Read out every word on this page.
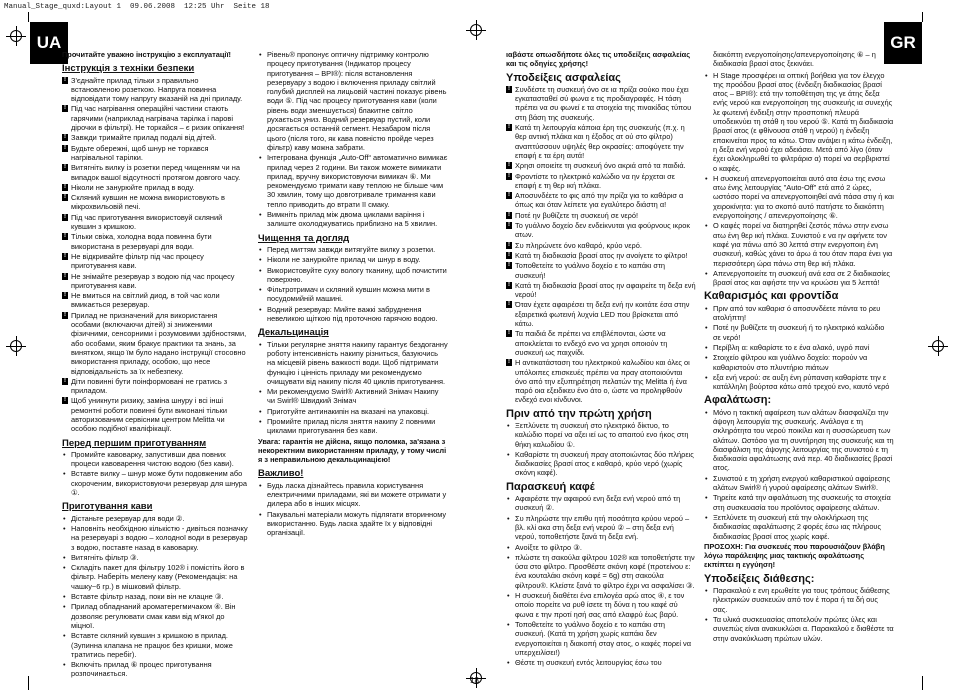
Manual_Stage_quxd:Layout 1  09.06.2008  12:25 Uhr  Seite 18
UA	GR

Прочитайте уважно інструкцію з експлуатації!

Інструкція з техніки безпеки
! З'єднайте прилад тільки з правильно встановленою розеткою. Напруга повинна відповідати тому напругу вказаній на дні приладу.
! Під час нагрівання операційні частини стають гарячими (наприклад нагрівача тарілка і парові дірочки в фільтрі). Не торкайся – є ризик опікання!
! Завжди тримайте прилад подалі від дітей.
! Будьте обережні, щоб шнур не торкався нагрівальної тарілки.
! Витягніть вилку із розетки перед чищенням чи на випадок вашої відсутності протягом довгого часу.
! Ніколи не занурюйте прилад в воду.
! Скляний кувшин не можна використовують в мікрохвильовій печі.
! Під час приготування використовуй скляний кувшин з кришкою.
! Тільки свіжа, холодна вода повинна бути використана в резервуарі для води.
! Не відкривайте фільтр під час процесу приготування кави.
! Не знімайте резервуар з водою під час процесу приготування кави.
! Не вмиться на світлий диод, в той час коли вмикається резервуар.
! Прилад не призначений для використання особами (включаючи дітей) зі зниженими фізичними, сенсорними і розумовими здібностями, або особами, яким бракує практики та знань, за винятком, якщо їм було надано інструкції стосовно використання приладу, особою, що несе відповідальність за їх небезпеку.
! Діти повинні бути поінформовані не гратись з приладом.
! Щоб уникнути ризику, заміна шнуру і всі інші ремонтні роботи повинні бути виконані тільки авторизованим сервісним центром Melitta чи особою подібної кваліфікації.
Перед першим приготуванням
• Промийте кавоварку, запустивши два повних процеси кавоварення чистою водою (без кави).
• Вставте вилку – шнур може бути подовженим або скороченим, використовуючи резервуар для шнура ①.
Приготування кави
• Дістаньте резервуар для води ②.
• Наповніть необхідною кількістю - дивіться позначку на резервуарі з водою – холодної води в резервуар з водою, поставте назад в кавоварку.
• Витягніть фільтр ③.
• Складіть пакет для фільтру 102® і помістіть його в фільтр. Наберіть мелену каву (Рекомендація: на чашку~6 гр.) в мішковий фільтр.
• Вставте фільтр назад, поки він не клацне ③.
• Прилад обладнаний ароматерегмичаком ④. Він дозволяє регулювати смак кави від м'якої до міцної.
• Вставте скляний кувшин з кришкою в прилад. (Зупинна клапана не працює без кришки, може тратитись перебіг).
• Включіть прилад ⑥ процес приготування розпочинається.
• Рівень® пропонує оптичну підтримку контролю процесу приготування (Індикатор процесу приготування – BPI®): після встановлення резервуару з водою і включення приладу світлий голубий дисплей на лицьовій частині показує рівень води ⑤. Під час процесу приготування кави (коли рівень води зменшується) блакитне світло рухається униз. Водний резервуар пустий, коли досягається останній сегмент. Незабаром після цього (після того, як кава повністю пройде через фільтр) каву можна забрати.
• Інтегрована функція „Auto-Off“ автоматично вимикає прилад через 2 години. Ви також можете вимикати прилад, вручну використовуючи вимикач ⑥. Ми рекомендуємо тримати каву теплою не більше чим 30 хвилин, тому що довготривале тримання кави тепло приводить до втрати її смаку.
• Вимкніть прилад між двома циклами варіння і залиште охолоджуватись приблизно на 5 хвилин.
Чищення та догляд
• Перед миттям завжди витягуйте вилку з розетки.
• Ніколи не занурюйте прилад чи шнур в воду.
• Використовуйте суху вологу тканину, щоб почистити поверхню.
• Фільтротримач и скляний кувшин можна мити в посудомийній машині.
• Водний резервуар: Мийте важкі забруднення невеликою щіткою під проточною гарячою водою.
Декальцинація
• Тільки регулярне зняття накипу гарантує бездоганну роботу інтенсивність накипу різниться, базуючись на місцевій рівень важкості води. Щоб підтримати функцію і цінність приладу ми рекомендуємо очищувати від накипу після 40 циклів приготування.
• Ми рекомендуємо Swirl® Активний Знімач Накипу чи Swirl® Швидкий Знімач
• Приготуйте антинакипін на вказані на упаковці.
• Промийте прилад після зняття накипу 2 повними циклами приготування без кави.

Увага: гарантія не дійсна, якщо поломка, за'язана з некоректним використанням приладу, у тому числі я з неправильною декальцинацією!

Важливо!
• Будь ласка дізнайтесь правила користування електричними приладами, які ви можете отримати у дилера або в інших місцях.
• Пакувальні матеріали можуть підлягати вторинному використанню. Будь ласка здайте їх у відповідні організації.

ιαβάστε οπωσδήποτε όλες τις υποδείξεις ασφαλείας και τις οδηγίες χρήσης!

Υποδείξεις ασφαλείας
! Συνδέστε τη συσκευή όνο σε ια πρίζα σούκο που έχει εγκατασταθεί σύ φωνα ε τις προδιαγραφές. Η τάση πρέπει να συ φωνεί ε τα στοιχεία της πινακίδας τύπου στη βάση της συσκευής.
! Κατά τη λειτουργία κάποια έρη της συσκευής (π.χ. η θερ αντική πλάκα και η έξοδος ατ ού στο φίλτρο) αναπτύσσουν υψηλές θερ οκρασίες: αποφύγετε την επαφή ε τα έρη αυτά!
! Χρησι οποιείτε τη συσκευή όνο ακριά από τα παιδιά.
! Φροντίστε το ηλεκτρικό καλώδιο να ην έρχεται σε επαφή ε τη θερ ική πλάκα.
! Αποσυνδέετε το φις από την πρίζα για το καθάρισ α όπως και όταν λείπετε για εγαλύτερο διάστη α!
! Ποτέ ην βυθίζετε τη συσκευή σε νερό!
! Το γυάλινο δοχείο δεν ενδείκνυται για φούρνους ικροκ ατων.
! Συ πληρώνετε όνο καθαρό, κρύο νερό.
! Κατά τη διαδικασία βρασί ατος ην ανοίγετε το φίλτρο!
! Τοποθετείτε το γυάλινο δοχείο ε το καπάκι στη συσκευή!
! Κατά τη διαδικασία βρασί ατος ην αφαιρείτε τη δεξα ενή νερού!
! Όταν έχετε αφαιρέσει τη δεξα ενή ην κοιτάτε έσα στην εξαιρετικά φωτεινή λυχνία LED που βρίσκεται από κάτω.
! Τα παιδιά δε πρέπει να επιβλέπονται, ώστε να αποκλείεται το ενδεχό ενο να χρησι οποιούν τη συσκευή ως παιχνίδι.
! Η αντικατάσταση του ηλεκτρικού καλωδίου και όλες οι υπόλοιπες επισκευές πρέπει να πραγ ατοποιούνται όνο από την εξυπηρέτηση πελατών της Melitta ή ένα παρό οια εξειδικευ ένο άτο ο, ώστε να προληφθούν ενδεχό ενοι κίνδυνοι.
Πριν από την πρώτη χρήση
• Ξεπλύνετε τη συσκευή στο ηλεκτρικό δίκτυο, το καλώδιο πορεί να αξει ιεί ως το απαιτού ενο ήκος στη θήκη καλωδίου ①.
• Καθαρίστε τη συσκευή πραγ ατοποιώντας δύο πλήρεις διαδικασίες βρασί ατος ε καθαρό, κρύο νερό (χωρίς σκόνη καφέ).
Παρασκευή καφέ
• Αφαιρέστε την αφαιρού ενη δεξα ενή νερού από τη συσκευή ②.
• Συ πληρώστε την επιθυ ητή ποσότητα κρύου νερού – βλ. κλί ακα στη δεξα ενή νερού ② – στη δεξα ενή νερού, τοποθετήστε ξανά τη δεξα ενή.
• Ανοίξτε το φίλτρο ③.
• πλώστε τη σακούλα φίλτρου 102® και τοποθετήστε την ύσα στο φίλτρο. Προσθέστε σκόνη καφέ (προτείνου ε: ένα κουταλάκι σκόνη καφέ = 6g) στη σακούλα φίλτρου®. Κλείστε ξανά το φίλτρο έχρι να ασφαλίσει ③.
• Η συσκευή διαθέτει ένα επιλογέα αρώ ατος ④, ε τον οποίο πορείτε να ρυθ ίσετε τη δύνα η του καφέ σύ φωνα ε την προτί ησή σας από ελαφρύ έως βαρύ.
• Τοποθετείτε το γυάλινο δοχείο ε το καπάκι στη συσκευή. (Κατά τη χρήση χωρίς καπάκι δεν ενεργοποιείται η διακοπή σταγ ατος, ο καφές πορεί να υπερχειλίσει!)
• Θέστε τη συσκευή εντός λειτουργίας έσω του

διακόπτη ενεργοποίησης/απενεργοποίησης ⑥ – η διαδικασία βρασί ατος ξεκινάει.

• Η Stage προσφέρει ια οπτική βοήθεια για τον έλεγχο της προόδου βρασί ατος (ένδειξη διαδικασίας βρασί ατος – BPI®): ετά την τοποθέτηση της γε άτης δεξα ενής νερού και ενεργοποίηση της συσκευής ια συνεχής λε φωτεινή ένδειξη στην προσποτική πλευρά υποδεικνύει τη στάθ η του νερού ⑤. Κατά τη διαδικασία βρασί ατος (ε φθίνουσα στάθ η νερού) η ένδειξη επακινείται προς τα κάτω. Όταν ανάψει η κάτω ένδειξη, η δεξα ενή νερού έχει αδειάσει. Μετά από λίγο (όταν έχει ολοκληρωθεί το φιλτράρισ α) πορεί να σερβιριστεί ο καφές.
• Η συσκευή απενεργοποιείται αυτό ατα έσω της ενσω ατω ένης λειτουργίας "Auto-Off" ετά από 2 ώρες, ωστόσο πορεί να απενεργοποιηθεί ανά πάσα στιγ ή και χειροκίνητα: για το σκοπό αυτό πατήστε το διακόπτη ενεργοποίησης / απενεργοποίησης ⑥.
• Ο καφές πορεί να διατηρηθεί ζεστός πάνω στην ενσω ατω ένη θερ ική πλάκα. Συνιστού ε να ην αφήνετε τον καφέ για πάνω από 30 λεπτά στην ενεργοποιη ένη συσκευή, καθώς χάνει το άρω ά του όταν παρα ένει για περισσότερη ώρα πάνω στη θερ ική πλάκα.
• Απενεργοποιείτε τη συσκευή ανά εσα σε 2 διαδικασίες βρασί ατος και αφήστε την να κρυώσει για 5 λεπτά!
Καθαρισμός και φροντίδα
• Πριν από τον καθαρισ ό αποσυνδέετε πάντα το ρευ ατολήπτη!
• Ποτέ ην βυθίζετε τη συσκευή ή το ηλεκτρικό καλώδιο σε νερό!
• Περίβλη α: καθαρίστε το ε ένα αλακό, υγρό πανί
• Στοιχείο φίλτρου και γυάλινο δοχείο: πορούν να καθαριστούν στο πλυντήριο πιάτων
• εξα ενή νερού: σε αυξη ένη ρύπανση καθαρίστε την ε κατάλληλη βούρτσα κάτω από τρεχού ενο, καυτό νερό
Αφαλάτωση:
• Μόνο η τακτική αφαίρεση των αλάτων διασφαλίζει την άψογη λειτουργία της συσκευής. Ανάλογα ε τη σκληρότητα του νερού ποικίλει και η συσσώρευση των αλάτων. Ωστόσο για τη συντήρηση της συσκευής και τη διασφάλιση της άψογης λειτουργίας της συνιστού ε τη διαδικασία αφαλάτωσης ανά περ. 40 διαδικασίες βρασί ατος.
• Συνιστού ε τη χρήση ενεργού καθαριστικού αφαίρεσης αλάτων Swirl® ή γυρού αφαίρεσης αλάτων Swirl®.
• Τηρείτε κατά την αφαλάτωση της συσκευής τα στοιχεία στη συσκευασία του προϊόντος αφαίρεσης αλάτων.
• Ξεπλύνετε τη συσκευή ετά την ολοκλήρωση της διαδικασίας αφαλάτωσης 2 φορές έσω ιας πλήρους διαδικασίας βρασί ατος χωρίς καφέ.

ΠΡΟΣΟΧΗ: Για συσκευές που παρουσιάζουν βλάβη λόγω παράλειψης μιας τακτικής αφαλάτωσης εκπίπτει η εγγύηση!

Υποδείξεις διάθεσης:
• Παρακαλού ε ενη ερωθείτε για τους τρόπους διάθεσης ηλεκτρικών συσκευών από τον έ πορα ή τα δή ους σας.
• Τα υλικά συσκευασίας αποτελούν πρώτες ύλες και συνεπώς είναι ανακυκλώσι α. Παρακαλού ε διαθέστε τα στην ανακύκλωση πρώτων υλών.
18
